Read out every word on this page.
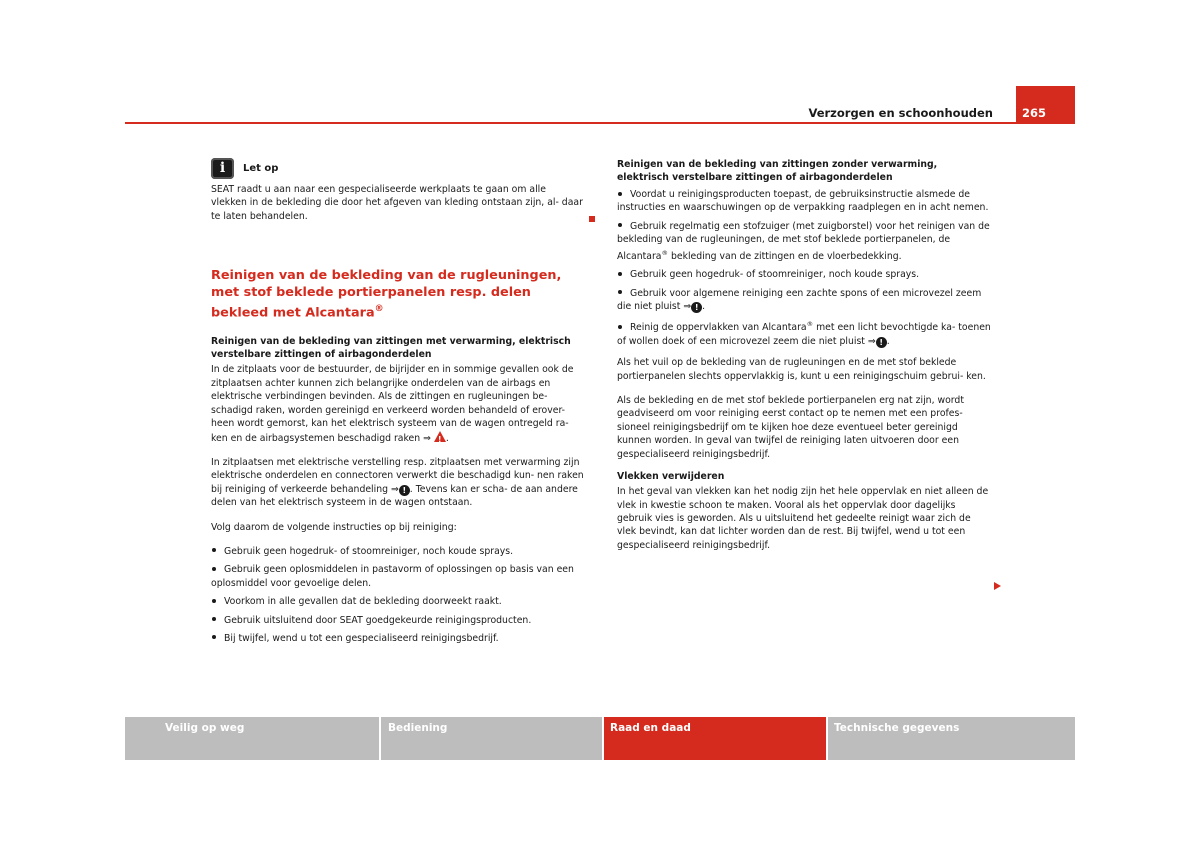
Verzorgen en schoonhouden	265
i Let op
SEAT raadt u aan naar een gespecialiseerde werkplaats te gaan om alle vlekken in de bekleding die door het afgeven van kleding ontstaan zijn, al- daar te laten behandelen.
Reinigen van de bekleding van de rugleuningen, met stof beklede portierpanelen resp. delen bekleed met Alcantara®
Reinigen van de bekleding van zittingen met verwarming, elektrisch verstelbare zittingen of airbagonderdelen

In de zitplaats voor de bestuurder, de bijrijder en in sommige gevallen ook de zitplaatsen achter kunnen zich belangrijke onderdelen van de airbags en elektrische verbindingen bevinden. Als de zittingen en rugleuningen be- schadigd raken, worden gereinigd en verkeerd worden behandeld of erover- heen wordt gemorst, kan het elektrisch systeem van de wagen ontregeld ra- ken en de airbagsystemen beschadigd raken ⇒ ! .

In zitplaatsen met elektrische verstelling resp. zitplaatsen met verwarming zijn elektrische onderdelen en connectoren verwerkt die beschadigd kun- nen raken bij reiniging of verkeerde behandeling ⇒ ! . Tevens kan er scha- de aan andere delen van het elektrisch systeem in de wagen ontstaan.

Volg daarom de volgende instructies op bij reiniging:

Gebruik geen hogedruk- of stoomreiniger, noch koude sprays.
Gebruik geen oplosmiddelen in pastavorm of oplossingen op basis van een oplosmiddel voor gevoelige delen.
Voorkom in alle gevallen dat de bekleding doorweekt raakt.
Gebruik uitsluitend door SEAT goedgekeurde reinigingsproducten.
Bij twijfel, wend u tot een gespecialiseerd reinigingsbedrijf.
Reinigen van de bekleding van zittingen zonder verwarming, elektrisch verstelbare zittingen of airbagonderdelen
Voordat u reinigingsproducten toepast, de gebruiksinstructie alsmede de instructies en waarschuwingen op de verpakking raadplegen en in acht nemen.
Gebruik regelmatig een stofzuiger (met zuigborstel) voor het reinigen van de bekleding van de rugleuningen, de met stof beklede portierpanelen, de Alcantara® bekleding van de zittingen en de vloerbedekking.
Gebruik geen hogedruk- of stoomreiniger, noch koude sprays.
Gebruik voor algemene reiniging een zachte spons of een microvezel zeem die niet pluist ⇒ ! .
Reinig de oppervlakken van Alcantara® met een licht bevochtigde ka- toenen of wollen doek of een microvezel zeem die niet pluist ⇒ ! .

Als het vuil op de bekleding van de rugleuningen en de met stof beklede portierpanelen slechts oppervlakkig is, kunt u een reinigingschuim gebrui- ken.

Als de bekleding en de met stof beklede portierpanelen erg nat zijn, wordt geadviseerd om voor reiniging eerst contact op te nemen met een profes- sioneel reinigingsbedrijf om te kijken hoe deze eventueel beter gereinigd kunnen worden. In geval van twijfel de reiniging laten uitvoeren door een gespecialiseerd reinigingsbedrijf.

Vlekken verwijderen

In het geval van vlekken kan het nodig zijn het hele oppervlak en niet alleen de vlek in kwestie schoon te maken. Vooral als het oppervlak door dagelijks gebruik vies is geworden. Als u uitsluitend het gedeelte reinigt waar zich de vlek bevindt, kan dat lichter worden dan de rest. Bij twijfel, wend u tot een gespecialiseerd reinigingsbedrijf.

Veilig op weg	Bediening	Raad en daad	Technische gegevens
